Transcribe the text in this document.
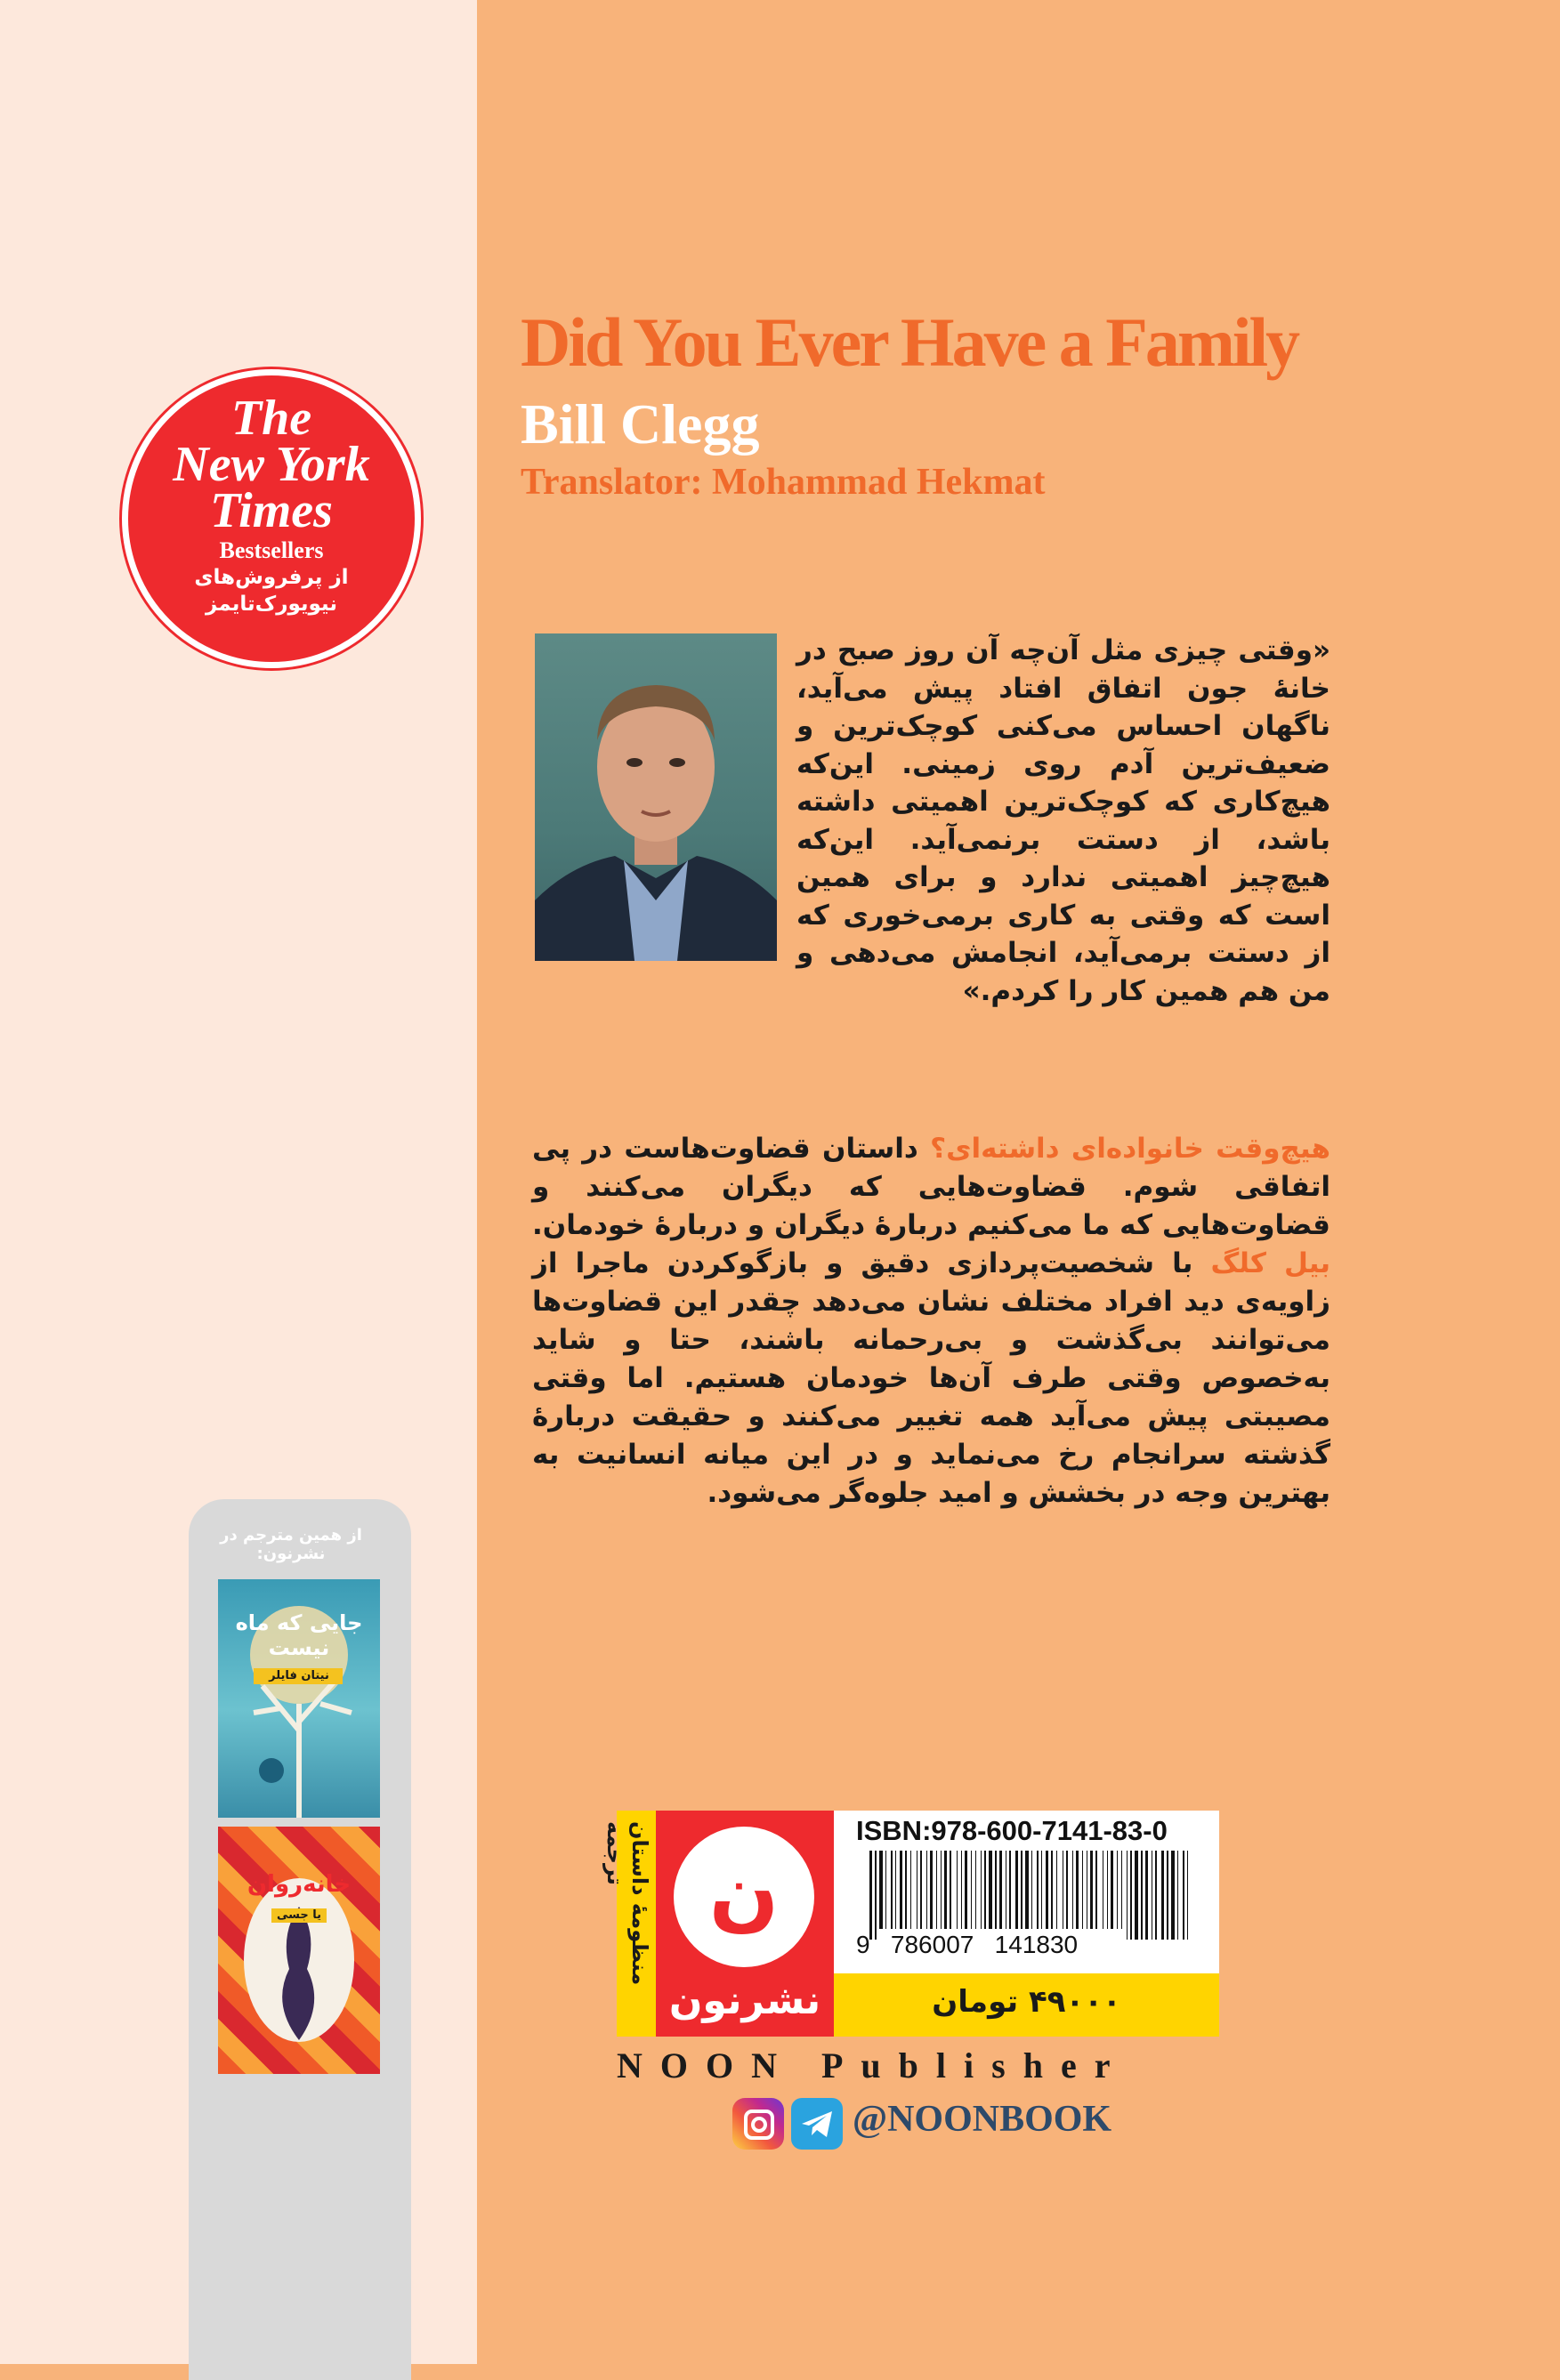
Did You Ever Have a Family
Bill Clegg
Translator: Mohammad Hekmat
The
New York
Times
Bestsellers
از پرفروش‌های
نیویورک‌تایمز
«وقتی چیزی مثل آن‌چه آن روز صبح در خانهٔ جون اتفاق افتاد پیش می‌آید، ناگهان احساس می‌کنی کوچک‌ترین و ضعیف‌ترین آدم روی زمینی. این‌که هیچ‌کاری که کوچک‌ترین اهمیتی داشته باشد، از دستت برنمی‌آید. این‌که هیچ‌چیز اهمیتی ندارد و برای همین است که وقتی به کاری برمی‌خوری که از دستت برمی‌آید، انجامش می‌دهی و من هم همین کار را کردم.»
هیچ‌وقت خانواده‌ای داشته‌ای؟ داستان قضاوت‌هاست در پی اتفاقی شوم. قضاوت‌هایی که دیگران می‌کنند و قضاوت‌هایی که ما می‌کنیم دربارهٔ دیگران و دربارهٔ خودمان. بیل کلگ با شخصیت‌پردازی دقیق و بازگوکردن ماجرا از زاویه‌ی دید افراد مختلف نشان می‌دهد چقدر این قضاوت‌ها می‌توانند بی‌گذشت و بی‌رحمانه باشند، حتا و شاید به‌خصوص وقتی طرف آن‌ها خودمان هستیم. اما وقتی مصیبتی پیش می‌آید همه تغییر می‌کنند و حقیقت دربارهٔ گذشته سرانجام رخ می‌نماید و در این میانه انسانیت به بهترین وجه در بخشش و امید جلوه‌گر می‌شود.
از همین مترجم در نشرنون:
جایی که ماه نیست
نیتان فایلر
خانه‌روان
یا جسی	منظومهٔ داستان ترجمه ن
نشرنون
ISBN:978-600-7141-83-0
9   786007   141830
۴۹۰۰۰ تومان
NOON Publisher
@NOONBOOK
